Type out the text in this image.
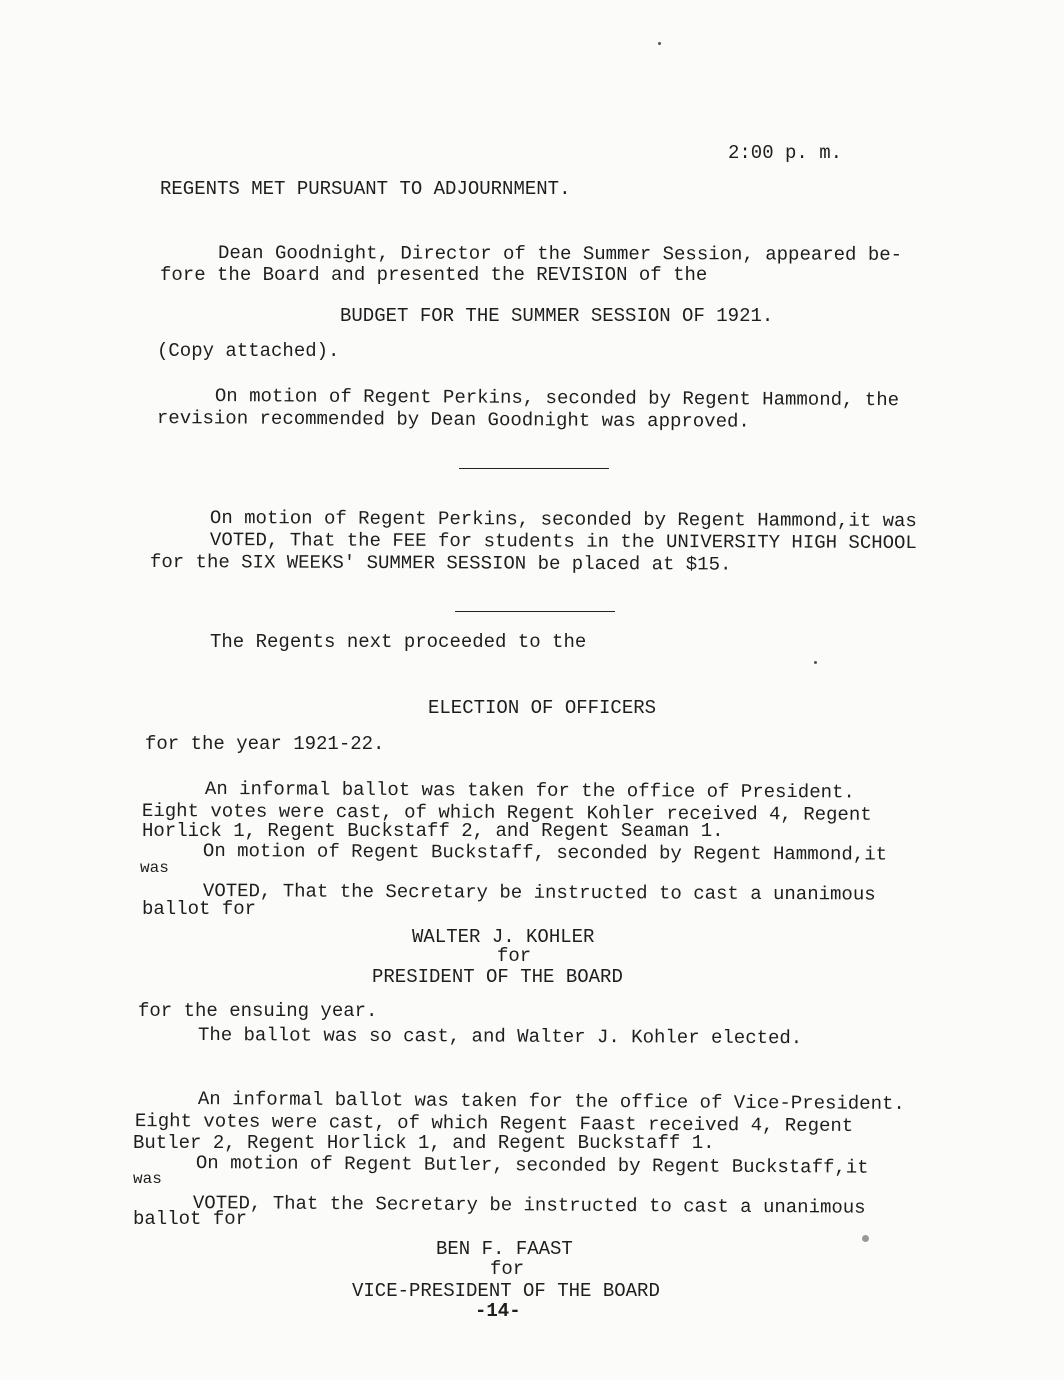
2:00 p. m.
REGENTS MET PURSUANT TO ADJOURNMENT.
Dean Goodnight, Director of the Summer Session, appeared be-
fore the Board and presented the REVISION of the
BUDGET FOR THE SUMMER SESSION OF 1921.
(Copy attached).
On motion of Regent Perkins, seconded by Regent Hammond, the
revision recommended by Dean Goodnight was approved.
On motion of Regent Perkins, seconded by Regent Hammond,it was
VOTED, That the FEE for students in the UNIVERSITY HIGH SCHOOL
for the SIX WEEKS' SUMMER SESSION be placed at $15.
The Regents next proceeded to the
ELECTION OF OFFICERS
for the year 1921-22.
An informal ballot was taken for the office of President.
Eight votes were cast, of which Regent Kohler received 4, Regent
Horlick 1, Regent Buckstaff 2, and Regent Seaman 1.
On motion of Regent Buckstaff, seconded by Regent Hammond,it
was
VOTED, That the Secretary be instructed to cast a unanimous
ballot for
WALTER J. KOHLER
for
PRESIDENT OF THE BOARD
for the ensuing year.
The ballot was so cast, and Walter J. Kohler elected.
An informal ballot was taken for the office of Vice-President.
Eight votes were cast, of which Regent Faast received 4, Regent
Butler 2, Regent Horlick 1, and Regent Buckstaff 1.
On motion of Regent Butler, seconded by Regent Buckstaff,it
was
VOTED, That the Secretary be instructed to cast a unanimous
ballot for
BEN F. FAAST
for
VICE-PRESIDENT OF THE BOARD
-14-
